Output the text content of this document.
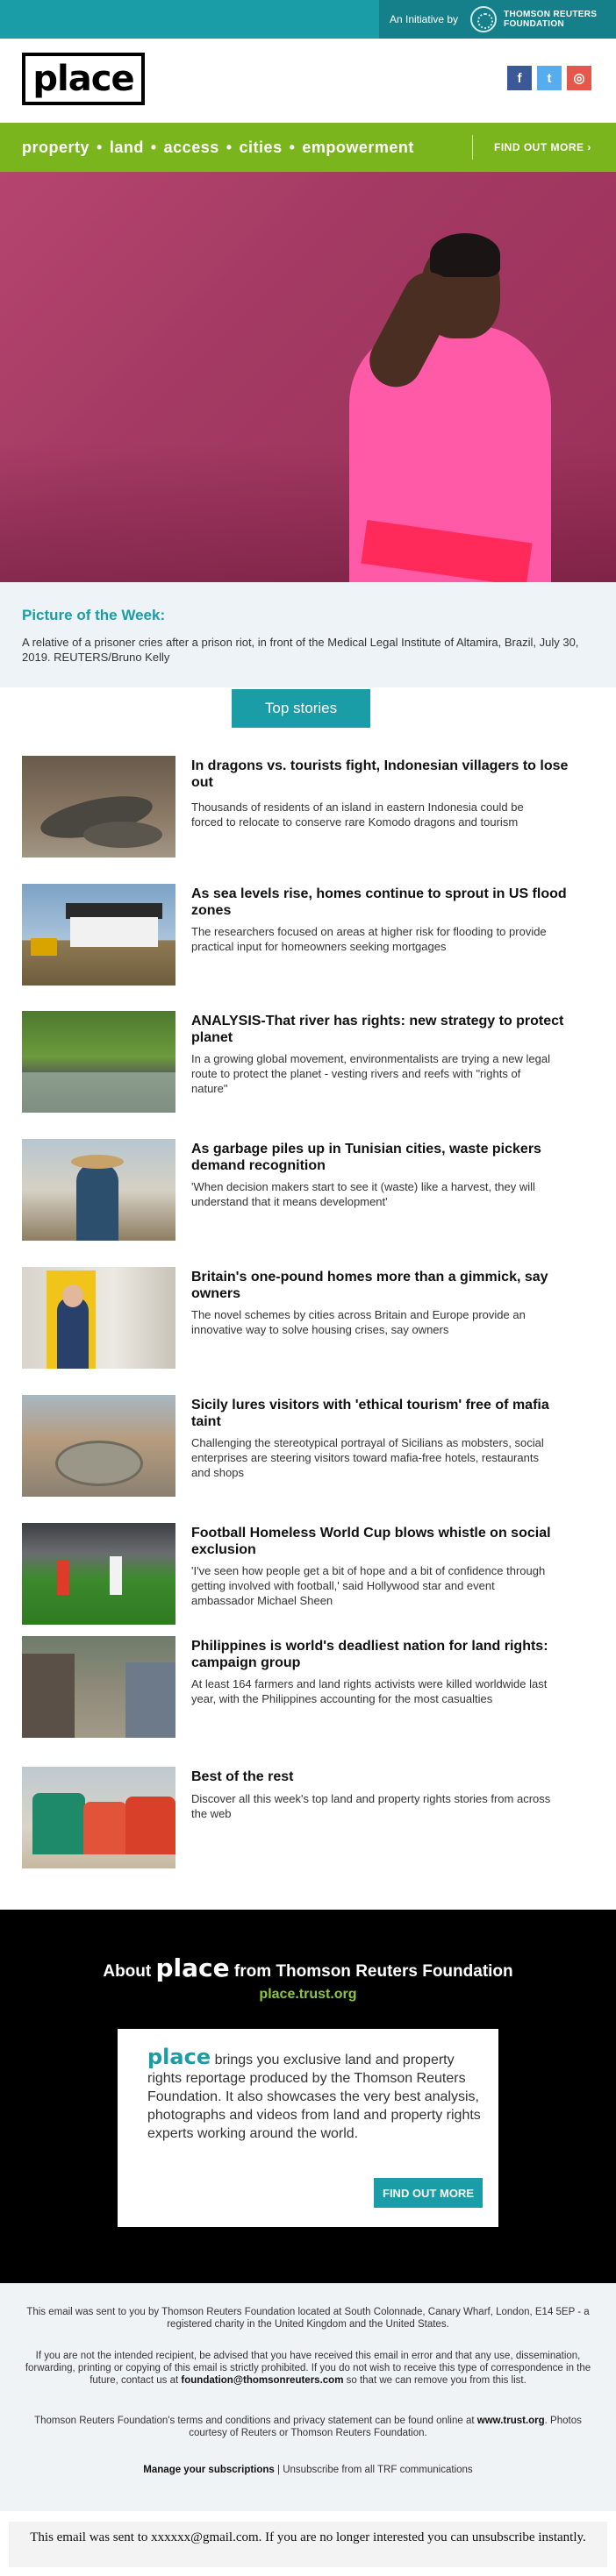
An Initiative by	THOMSON REUTERS
FOUNDATION
place	f	t	◎
property • land • access • cities • empowerment	FIND OUT MORE ›
Picture of the Week:
A relative of a prisoner cries after a prison riot, in front of the Medical Legal Institute of Altamira, Brazil, July 30, 2019. REUTERS/Bruno Kelly
Top stories
In dragons vs. tourists fight, Indonesian villagers to lose out
Thousands of residents of an island in eastern Indonesia could be forced to relocate to conserve rare Komodo dragons and tourism
As sea levels rise, homes continue to sprout in US flood zones
The researchers focused on areas at higher risk for flooding to provide practical input for homeowners seeking mortgages
ANALYSIS-That river has rights: new strategy to protect planet
In a growing global movement, environmentalists are trying a new legal route to protect the planet - vesting rivers and reefs with "rights of nature"
As garbage piles up in Tunisian cities, waste pickers demand recognition
'When decision makers start to see it (waste) like a harvest, they will understand that it means development'
Britain's one-pound homes more than a gimmick, say owners
The novel schemes by cities across Britain and Europe provide an innovative way to solve housing crises, say owners
Sicily lures visitors with 'ethical tourism' free of mafia taint
Challenging the stereotypical portrayal of Sicilians as mobsters, social enterprises are steering visitors toward mafia-free hotels, restaurants and shops
Football Homeless World Cup blows whistle on social exclusion
'I've seen how people get a bit of hope and a bit of confidence through getting involved with football,' said Hollywood star and event ambassador Michael Sheen
Philippines is world's deadliest nation for land rights: campaign group
At least 164 farmers and land rights activists were killed worldwide last year, with the Philippines accounting for the most casualties
Best of the rest
Discover all this week's top land and property rights stories from across the web
About place from Thomson Reuters Foundation
place.trust.org
place brings you exclusive land and property rights reportage produced by the Thomson Reuters Foundation. It also showcases the very best analysis, photographs and videos from land and property rights experts working around the world.
FIND OUT MORE
This email was sent to you by Thomson Reuters Foundation located at South Colonnade, Canary Wharf, London, E14 5EP - a registered charity in the United Kingdom and the United States.
If you are not the intended recipient, be advised that you have received this email in error and that any use, dissemination, forwarding, printing or copying of this email is strictly prohibited. If you do not wish to receive this type of correspondence in the future, contact us at foundation@thomsonreuters.com so that we can remove you from this list.
Thomson Reuters Foundation's terms and conditions and privacy statement can be found online at www.trust.org. Photos courtesy of Reuters or Thomson Reuters Foundation.
Manage your subscriptions | Unsubscribe from all TRF communications
This email was sent to xxxxxx@gmail.com. If you are no longer interested you can unsubscribe instantly.
